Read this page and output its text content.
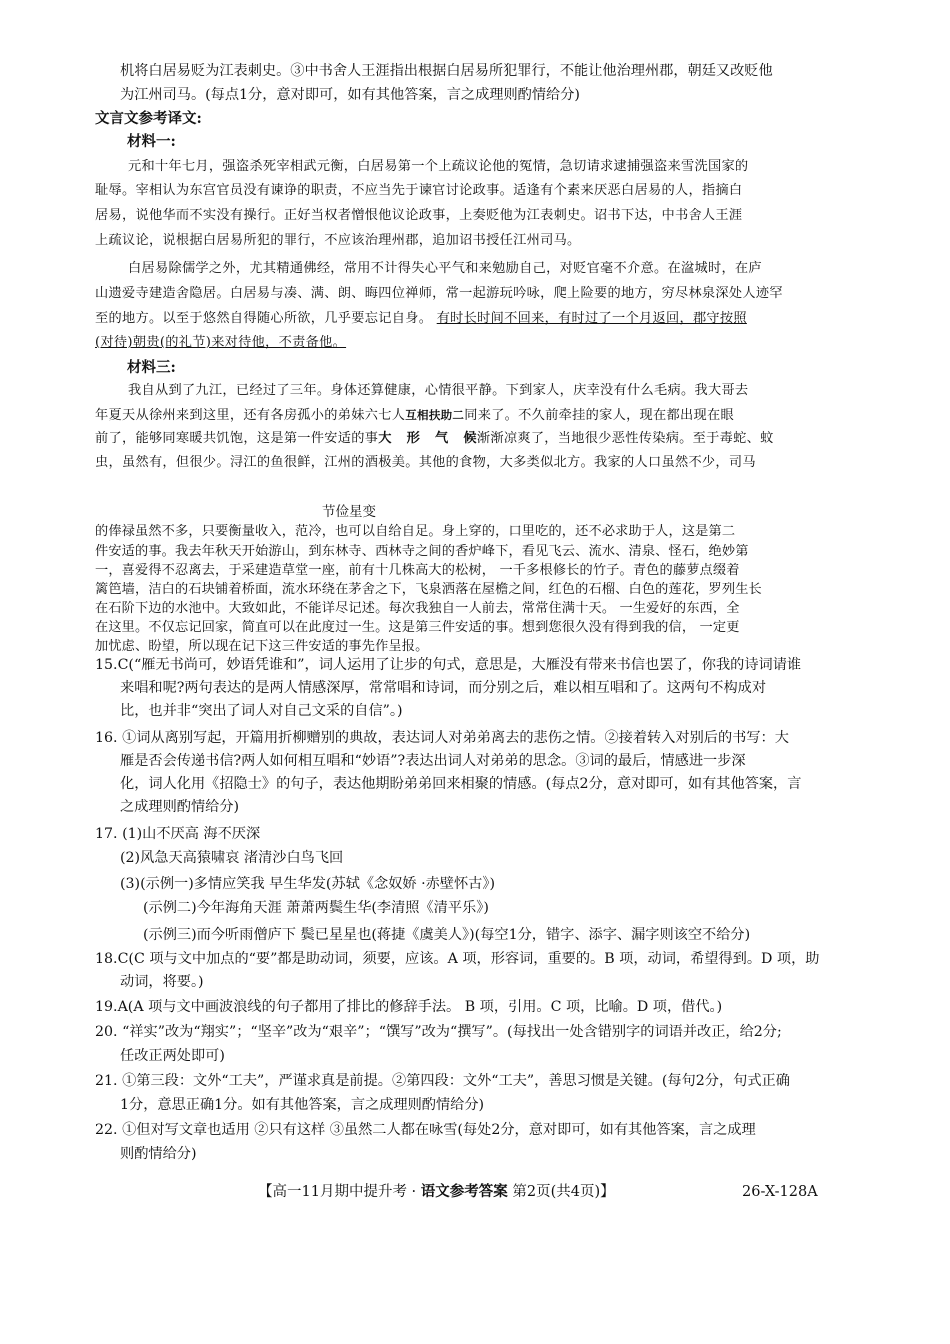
机将白居易贬为江表刺史。③中书舍人王涯指出根据白居易所犯罪行，不能让他治理州郡，朝廷又改贬他
为江州司马。(每点1分，意对即可，如有其他答案，言之成理则酌情给分)
文言文参考译文:
材料一:
元和十年七月，强盗杀死宰相武元衡，白居易第一个上疏议论他的冤情，急切请求逮捕强盗来雪洗国家的
耻辱。宰相认为东宫官员没有谏诤的职责，不应当先于谏官讨论政事。适逢有个素来厌恶白居易的人，指摘白
居易，说他华而不实没有操行。正好当权者憎恨他议论政事，上奏贬他为江表刺史。诏书下达，中书舍人王涯
上疏议论，说根据白居易所犯的罪行，不应该治理州郡，追加诏书授任江州司马。
白居易除儒学之外，尤其精通佛经，常用不计得失心平气和来勉励自己，对贬官毫不介意。在湓城时，在庐
山遗爱寺建造舍隐居。白居易与凑、满、朗、晦四位禅师，常一起游玩吟咏，爬上险要的地方，穷尽林泉深处人迹罕
至的地方。以至于悠然自得随心所欲，几乎要忘记自身。 有时长时间不回来，有时过了一个月返回，郡守按照
(对待)朝贵(的礼节)来对待他，不责备他。
材料三:
我自从到了九江，已经过了三年。身体还算健康，心情很平静。下到家人，庆幸没有什么毛病。我大哥去
年夏天从徐州来到这里，还有各房孤小的弟妹六七人互相扶助二同来了。不久前牵挂的家人，现在都出现在眼
前了，能够同寒暖共饥饱，这是第一件安适的事大 形 气 候渐渐凉爽了，当地很少恶性传染病。至于毒蛇、蚊
虫，虽然有，但很少。浔江的鱼很鲜，江州的酒极美。其他的食物，大多类似北方。我家的人口虽然不少，司马
节俭星变
的俸禄虽然不多，只要衡量收入，范冷，也可以自给自足。身上穿的，口里吃的，还不必求助于人，这是第二
件安适的事。我去年秋天开始游山，到东林寺、西林寺之间的香炉峰下，看见飞云、流水、清泉、怪石，绝妙第
一，喜爱得不忍离去，于采建造草堂一座，前有十几株高大的松树， 一千多根修长的竹子。青色的藤萝点缀着
篱笆墙，洁白的石块铺着桥面，流水环绕在茅舍之下，飞泉洒落在屋檐之间，红色的石榴、白色的莲花，罗列生长
在石阶下边的水池中。大致如此，不能详尽记述。每次我独自一人前去，常常住满十天。 一生爱好的东西，全
在这里。不仅忘记回家，简直可以在此度过一生。这是第三件安适的事。想到您很久没有得到我的信， 一定更
加忧虑、盼望，所以现在记下这三件安适的事先作呈报。
15.C(“雁无书尚可，妙语凭谁和”，词人运用了让步的句式，意思是，大雁没有带来书信也罢了，你我的诗词请谁
来唱和呢?两句表达的是两人情感深厚，常常唱和诗词，而分别之后，难以相互唱和了。这两句不构成对
比，也并非“突出了词人对自己文采的自信”。)
16. ①词从离别写起，开篇用折柳赠别的典故，表达词人对弟弟离去的悲伤之情。②接着转入对别后的书写：大
雁是否会传递书信?两人如何相互唱和“妙语”?表达出词人对弟弟的思念。③词的最后，情感进一步深
化，词人化用《招隐士》的句子，表达他期盼弟弟回来相聚的情感。(每点2分，意对即可，如有其他答案，言
之成理则酌情给分)
17. (1)山不厌高 海不厌深
(2)风急天高猿啸哀 渚清沙白鸟飞回
(3)(示例一)多情应笑我 早生华发(苏轼《念奴娇 ·赤壁怀古》)
(示例二)今年海角天涯 萧萧两鬓生华(李清照《清平乐》)
(示例三)而今听雨僧庐下 鬓已星星也(蒋捷《虞美人》)(每空1分，错字、添字、漏字则该空不给分)
18.C(C 项与文中加点的“要”都是助动词，须要，应该。A 项，形容词，重要的。B 项，动词，希望得到。D 项，助
动词，将要。)
19.A(A 项与文中画波浪线的句子都用了排比的修辞手法。 B 项，引用。C 项，比喻。D 项，借代。)
20. “祥实”改为“翔实”；“坚辛”改为“艰辛”；“馔写”改为“撰写”。(每找出一处含错别字的词语并改正，给2分;
任改正两处即可)
21. ①第三段：文外“工夫”，严谨求真是前提。②第四段：文外“工夫”，善思习惯是关键。(每句2分，句式正确
1分，意思正确1分。如有其他答案，言之成理则酌情给分)
22. ①但对写文章也适用 ②只有这样 ③虽然二人都在咏雪(每处2分，意对即可，如有其他答案，言之成理
则酌情给分)
【高一11月期中提升考 · 语文参考答案 第2页(共4页)】	26-X-128A
